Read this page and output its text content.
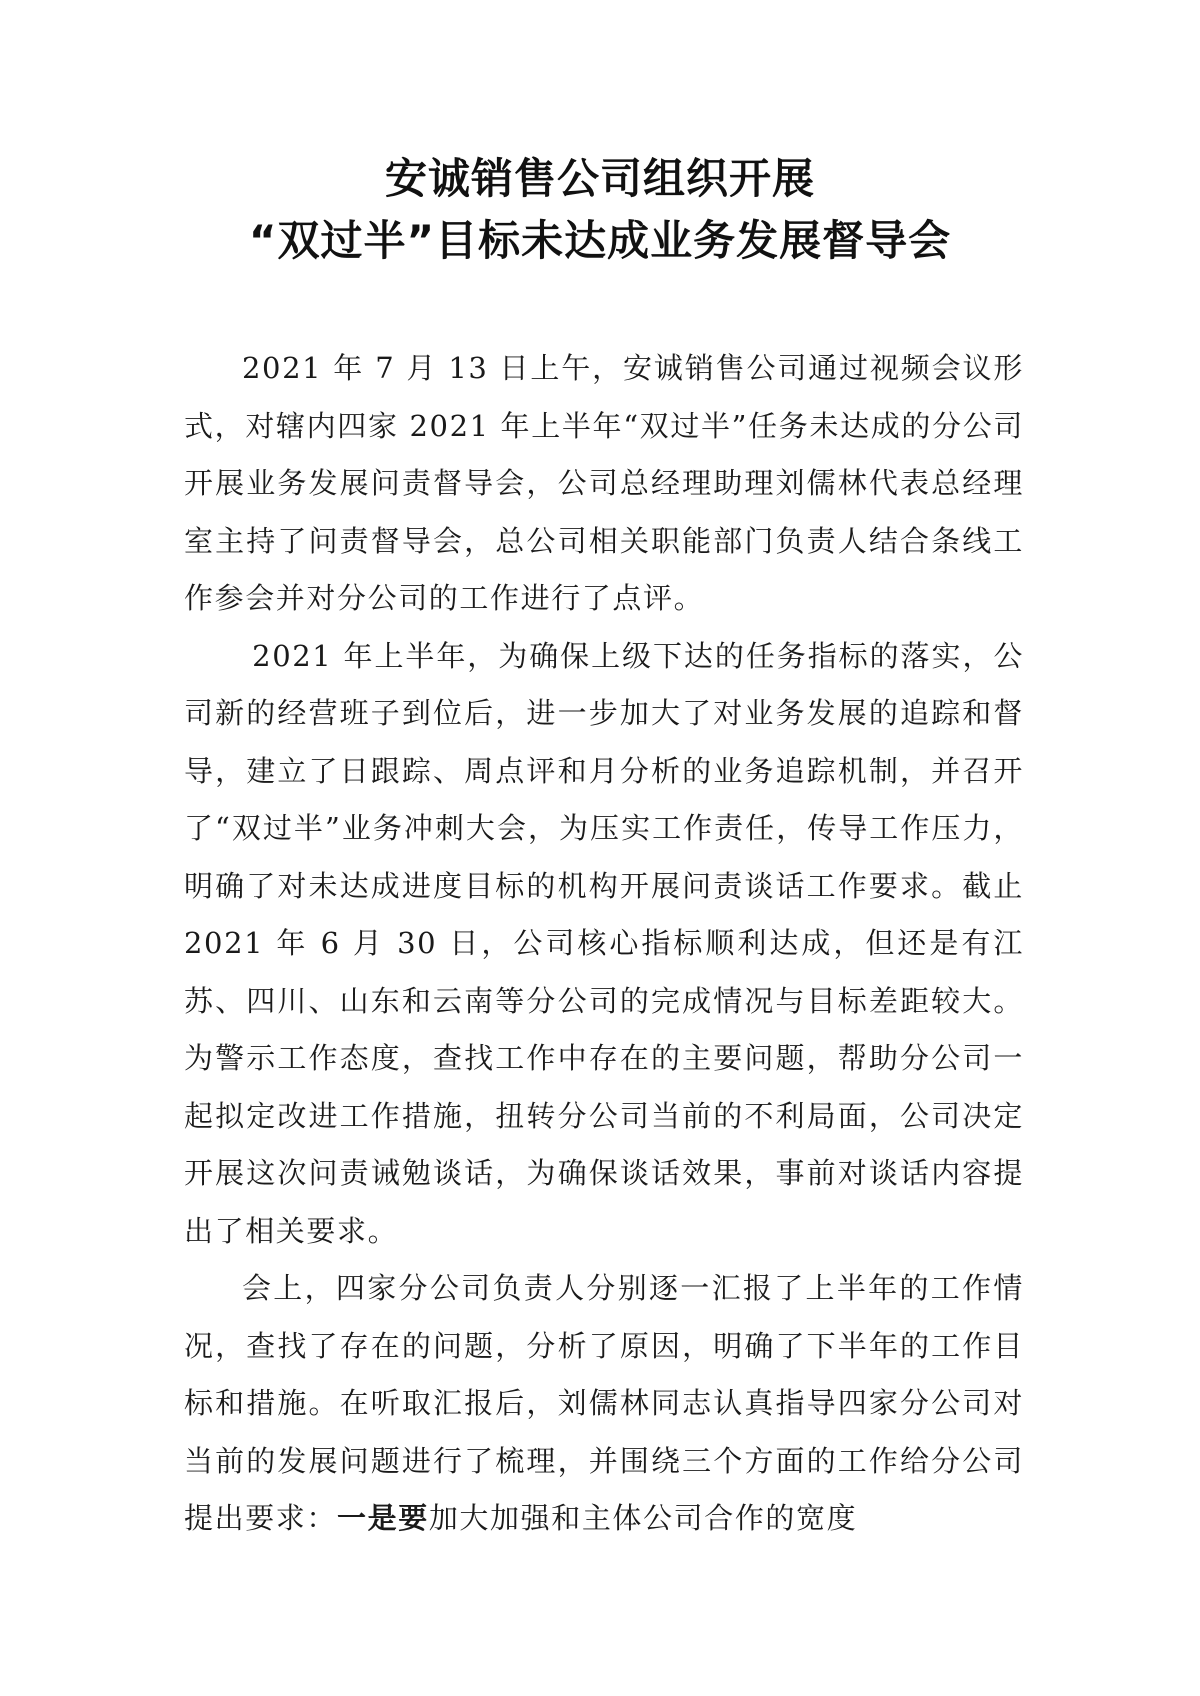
安诚销售公司组织开展
“双过半”目标未达成业务发展督导会

2021 年 7 月 13 日上午，安诚销售公司通过视频会议形式，对辖内四家 2021 年上半年“双过半”任务未达成的分公司开展业务发展问责督导会，公司总经理助理刘儒林代表总经理室主持了问责督导会，总公司相关职能部门负责人结合条线工作参会并对分公司的工作进行了点评。

2021 年上半年，为确保上级下达的任务指标的落实，公司新的经营班子到位后，进一步加大了对业务发展的追踪和督导，建立了日跟踪、周点评和月分析的业务追踪机制，并召开了“双过半”业务冲刺大会，为压实工作责任，传导工作压力，明确了对未达成进度目标的机构开展问责谈话工作要求。截止 2021 年 6 月 30 日，公司核心指标顺利达成，但还是有江苏、四川、山东和云南等分公司的完成情况与目标差距较大。为警示工作态度，查找工作中存在的主要问题，帮助分公司一起拟定改进工作措施，扭转分公司当前的不利局面，公司决定开展这次问责诫勉谈话，为确保谈话效果，事前对谈话内容提出了相关要求。

会上，四家分公司负责人分别逐一汇报了上半年的工作情况，查找了存在的问题，分析了原因，明确了下半年的工作目标和措施。在听取汇报后，刘儒林同志认真指导四家分公司对当前的发展问题进行了梳理，并围绕三个方面的工作给分公司提出要求：一是要加大加强和主体公司合作的宽度
